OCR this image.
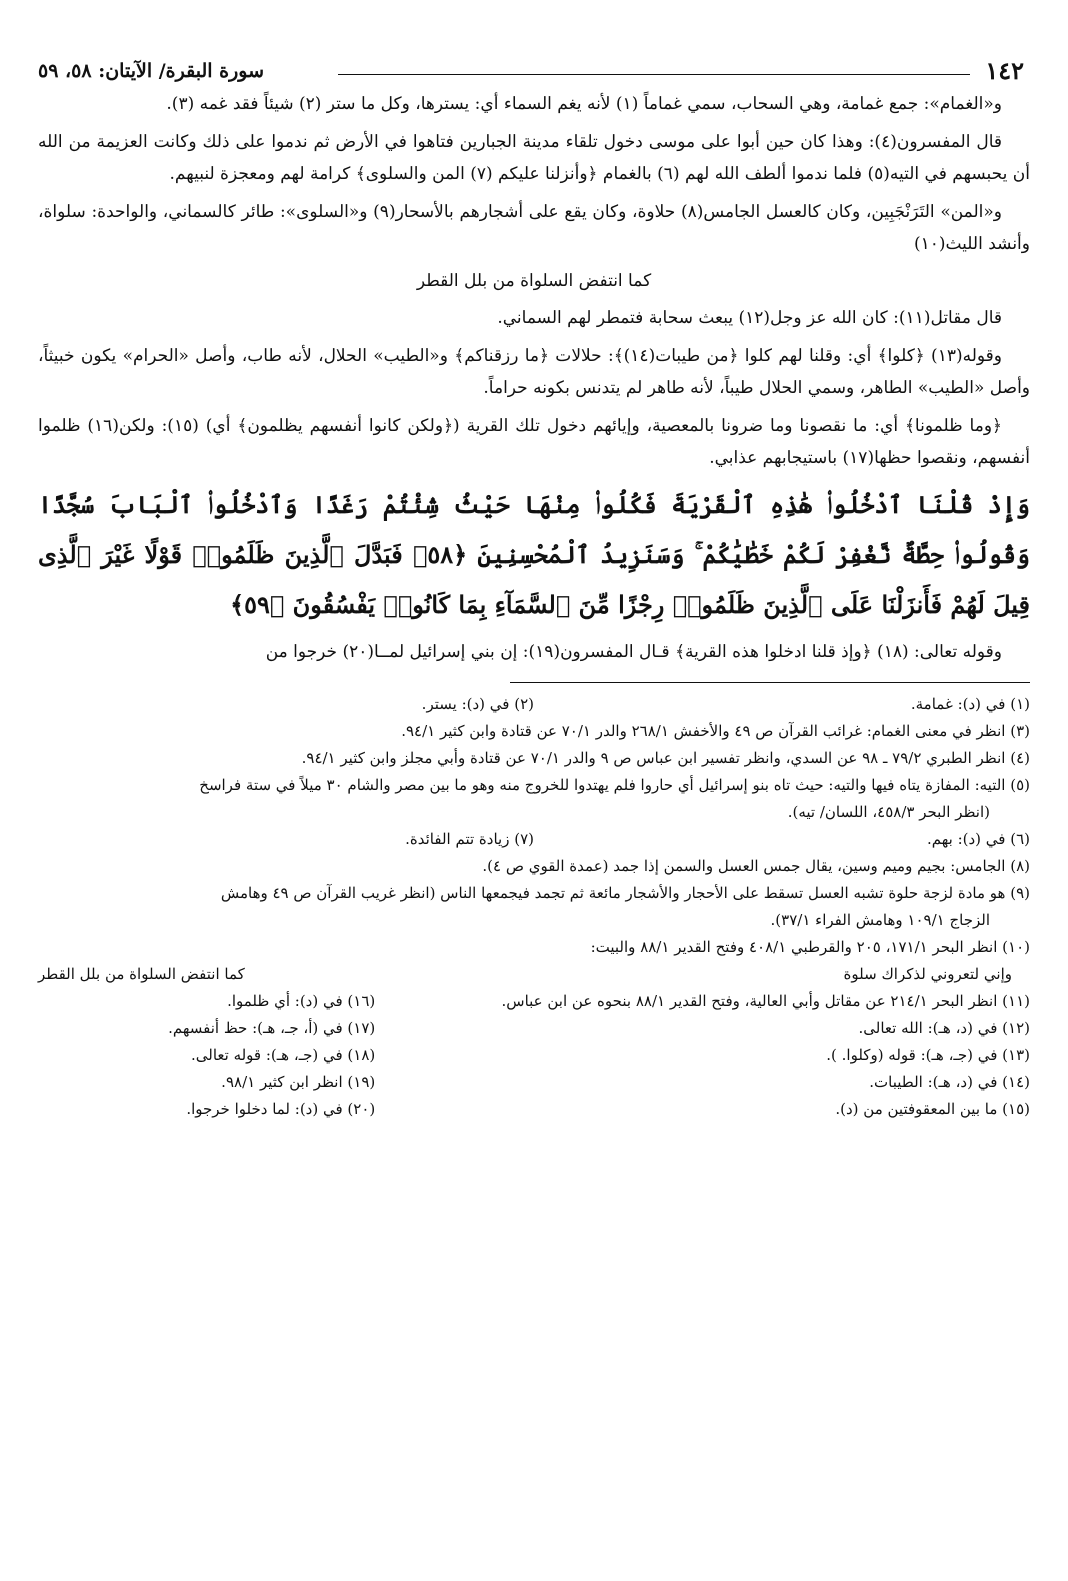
١٤٢
سورة البقرة/ الآيتان: ٥٨، ٥٩

و«الغمام»: جمع غمامة، وهي السحاب، سمي غماماً (١) لأنه يغم السماء أي: يسترها، وكل ما ستر (٢) شيئاً فقد غمه (٣).

قال المفسرون(٤): وهذا كان حين أبوا على موسى دخول تلقاء مدينة الجبارين فتاهوا في الأرض ثم ندموا على ذلك وكانت العزيمة من الله أن يحبسهم في التيه(٥) فلما ندموا ألطف الله لهم (٦) بالغمام ﴿وأنزلنا عليكم (٧) المن والسلوى﴾ كرامة لهم ومعجزة لنبيهم.

و«المن» التَرَنْجَبِين، وكان كالعسل الجامس(٨) حلاوة، وكان يقع على أشجارهم بالأسحار(٩) و«السلوى»: طائر كالسماني، والواحدة: سلواة، وأنشد الليث(١٠)

كما انتفض السلواة من بلل القطر

قال مقاتل(١١): كان الله عز وجل(١٢) يبعث سحابة فتمطر لهم السماني.

وقوله(١٣) ﴿كلوا﴾ أي: وقلنا لهم كلوا ﴿من طيبات(١٤)﴾: حلالات ﴿ما رزقناكم﴾ و«الطيب» الحلال، لأنه طاب، وأصل «الحرام» يكون خبيثاً، وأصل «الطيب» الطاهر، وسمي الحلال طيباً، لأنه طاهر لم يتدنس بكونه حراماً.

﴿وما ظلمونا﴾ أي: ما نقصونا وما ضرونا بالمعصية، وإيائهم دخول تلك القرية (﴿ولكن كانوا أنفسهم يظلمون﴾ أي) (١٥): ولكن(١٦) ظلموا أنفسهم، ونقصوا حظها(١٧) باستيجابهم عذابي.

وَإِذْ قُلْنَا ٱدْخُلُوا۟ هَٰذِهِ ٱلْقَرْيَةَ فَكُلُوا۟ مِنْهَا حَيْثُ شِئْتُمْ رَغَدًا وَٱدْخُلُوا۟ ٱلْبَابَ سُجَّدًا وَقُولُوا۟ حِطَّةٌ نَّغْفِرْ لَكُمْ خَطَٰيَٰكُمْ ۚ وَسَنَزِيدُ ٱلْمُحْسِنِينَ ﴿٥٨﴾ فَبَدَّلَ ٱلَّذِينَ ظَلَمُوا۟ قَوْلًا غَيْرَ ٱلَّذِى قِيلَ لَهُمْ فَأَنزَلْنَا عَلَى ٱلَّذِينَ ظَلَمُوا۟ رِجْزًا مِّنَ ٱلسَّمَآءِ بِمَا كَانُوا۟ يَفْسُقُونَ ﴿٥٩﴾

وقوله تعالى: (١٨) ﴿وإذ قلنا ادخلوا هذه القرية﴾ قـال المفسرون(١٩): إن بني إسرائيل لمــا(٢٠) خرجوا من

(١) في (د): غمامة.
(٢) في (د): يستر.
(٣) انظر في معنى الغمام: غرائب القرآن ص ٤٩ والأخفش ٢٦٨/١ والدر ٧٠/١ عن قتادة وابن كثير ٩٤/١.
(٤) انظر الطبري ٧٩/٢ ـ ٩٨ عن السدي، وانظر تفسير ابن عباس ص ٩ والدر ٧٠/١ عن قتادة وأبي مجلز وابن كثير ٩٤/١.
(٥) التيه: المفازة يتاه فيها والتيه: حيث تاه بنو إسرائيل أي حاروا فلم يهتدوا للخروج منه وهو ما بين مصر والشام ٣٠ ميلاً في ستة فراسخ
(انظر البحر ٤٥٨/٣، اللسان/ تيه).
(٦) في (د): بهم.
(٧) زيادة تتم الفائدة.
(٨) الجامس: بجيم وميم وسين، يقال جمس العسل والسمن إذا جمد (عمدة القوي ص ٤).
(٩) هو مادة لزجة حلوة تشبه العسل تسقط على الأحجار والأشجار مائعة ثم تجمد فيجمعها الناس (انظر غريب القرآن ص ٤٩ وهامش
الزجاج ١٠٩/١ وهامش الفراء ٣٧/١).
(١٠) انظر البحر ١٧١/١، ٢٠٥ والقرطبي ٤٠٨/١ وفتح القدير ٨٨/١ والبيت:
وإني لتعروني لذكراك سلوة
كما انتفض السلواة من بلل القطر
(١١) انظر البحر ٢١٤/١ عن مقاتل وأبي العالية، وفتح القدير ٨٨/١ بنحوه عن ابن عباس.
(١٢) في (د، هـ): الله تعالى.
(١٣) في (جـ، هـ): قوله (وكلوا. ).
(١٤) في (د، هـ): الطيبات.
(١٥) ما بين المعقوفتين من (د).
(١٦) في (د): أي ظلموا.
(١٧) في (أ، جـ، هـ): حظ أنفسهم.
(١٨) في (جـ، هـ): قوله تعالى.
(١٩) انظر ابن كثير ٩٨/١.
(٢٠) في (د): لما دخلوا خرجوا.
